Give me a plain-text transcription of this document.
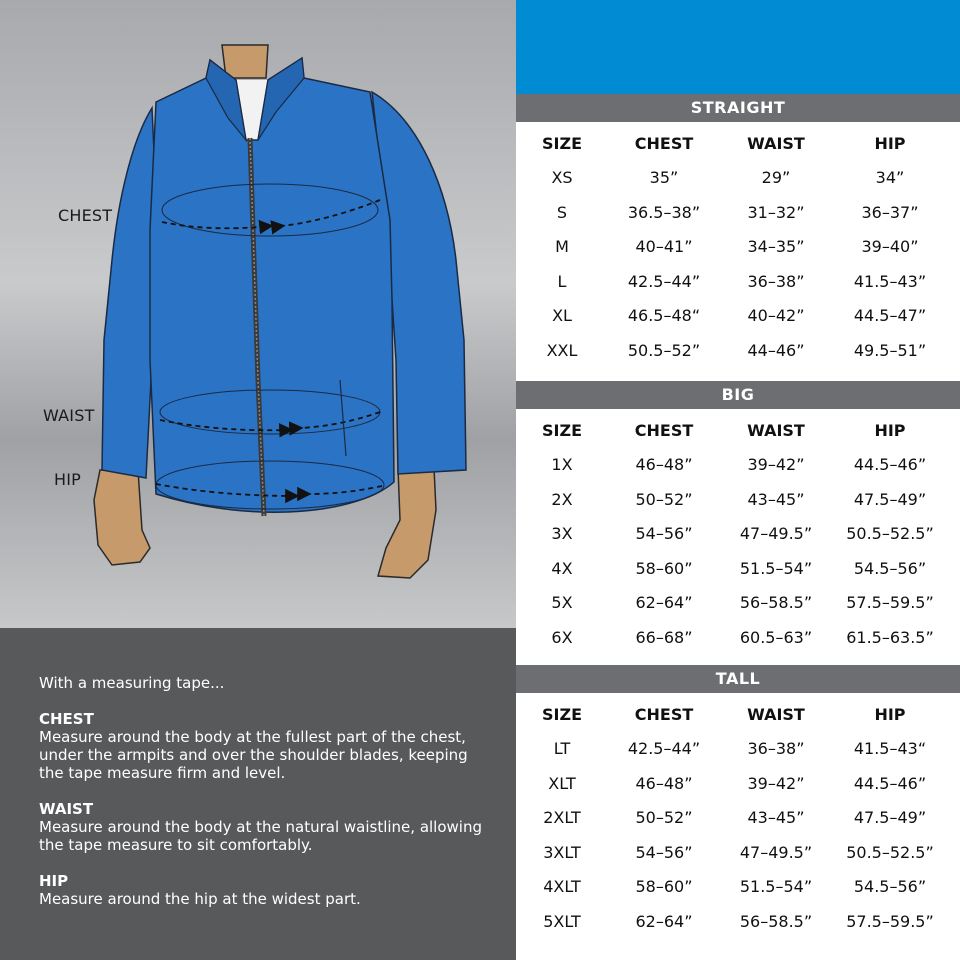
CHEST
WAIST
HIP
With a measuring tape...
CHEST
Measure around the body at the fullest part of the chest, under the armpits and over the shoulder blades, keeping the tape measure firm and level.
WAIST
Measure around the body at the natural waistline, allowing the tape measure to sit comfortably.
HIP
Measure around the hip at the widest part.
STRAIGHT
SIZE	CHEST	WAIST	HIP
XS	35”	29”	34”
S	36.5–38”	31–32”	36–37”
M	40–41”	34–35”	39–40”
L	42.5–44”	36–38”	41.5–43”
XL	46.5–48“	40–42”	44.5–47”
XXL	50.5–52”	44–46”	49.5–51”
BIG
SIZE	CHEST	WAIST	HIP
1X	46–48”	39–42”	44.5–46”
2X	50–52”	43–45”	47.5–49”
3X	54–56”	47–49.5”	50.5–52.5”
4X	58–60”	51.5–54”	54.5–56”
5X	62–64”	56–58.5”	57.5–59.5”
6X	66–68”	60.5–63”	61.5–63.5”
TALL
SIZE	CHEST	WAIST	HIP
LT	42.5–44”	36–38”	41.5–43“
XLT	46–48”	39–42”	44.5–46”
2XLT	50–52”	43–45”	47.5–49”
3XLT	54–56”	47–49.5”	50.5–52.5”
4XLT	58–60”	51.5–54”	54.5–56”
5XLT	62–64”	56–58.5”	57.5–59.5”
